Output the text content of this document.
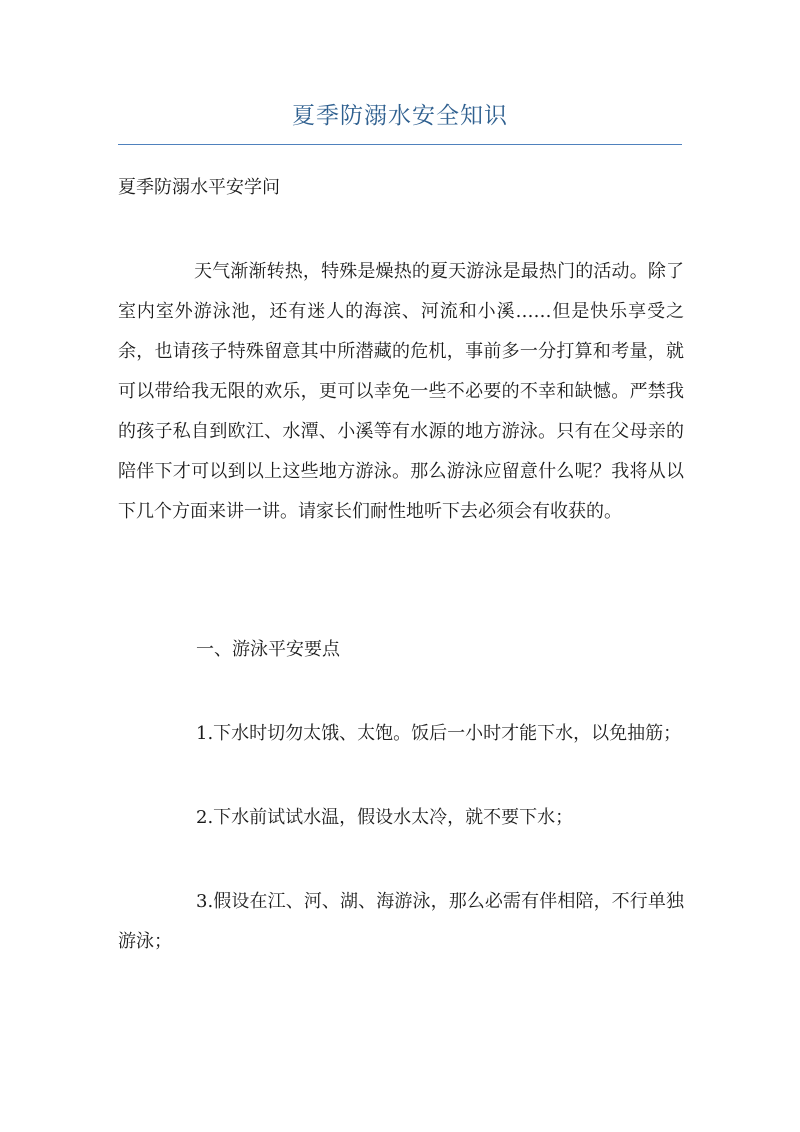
夏季防溺水安全知识
夏季防溺水平安学问
天气渐渐转热，特殊是燥热的夏天游泳是最热门的活动。除了室内室外游泳池，还有迷人的海滨、河流和小溪……但是快乐享受之余，也请孩子特殊留意其中所潜藏的危机，事前多一分打算和考量，就可以带给我无限的欢乐，更可以幸免一些不必要的不幸和缺憾。严禁我的孩子私自到欧江、水潭、小溪等有水源的地方游泳。只有在父母亲的陪伴下才可以到以上这些地方游泳。那么游泳应留意什么呢？我将从以下几个方面来讲一讲。请家长们耐性地听下去必须会有收获的。
一、游泳平安要点
1.下水时切勿太饿、太饱。饭后一小时才能下水，以免抽筋；
2.下水前试试水温，假设水太冷，就不要下水；
3.假设在江、河、湖、海游泳，那么必需有伴相陪，不行单独游泳；
